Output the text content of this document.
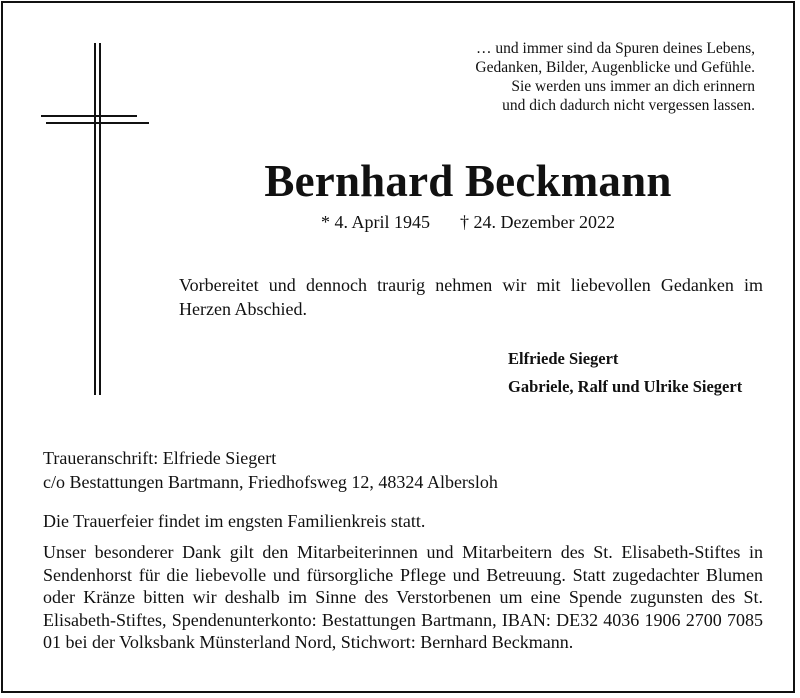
… und immer sind da Spuren deines Lebens,
Gedanken, Bilder, Augenblicke und Gefühle.
Sie werden uns immer an dich erinnern
und dich dadurch nicht vergessen lassen.
Bernhard Beckmann
* 4. April 1945 † 24. Dezember 2022
Vorbereitet und dennoch traurig nehmen wir mit liebevollen Gedanken im Herzen Abschied.
Elfriede Siegert
Gabriele, Ralf und Ulrike Siegert
Traueranschrift: Elfriede Siegert
c/o Bestattungen Bartmann, Friedhofsweg 12, 48324 Albersloh
Die Trauerfeier findet im engsten Familienkreis statt.
Unser besonderer Dank gilt den Mitarbeiterinnen und Mitarbeitern des St. Elisabeth-Stiftes in Sendenhorst für die liebevolle und fürsorgliche Pflege und Betreuung. Statt zugedachter Blumen oder Kränze bitten wir deshalb im Sinne des Verstorbenen um eine Spende zugunsten des St. Elisabeth-Stiftes, Spendenunterkonto: Bestattungen Bartmann, IBAN: DE32 4036 1906 2700 7085 01 bei der Volksbank Münsterland Nord, Stichwort: Bernhard Beckmann.
